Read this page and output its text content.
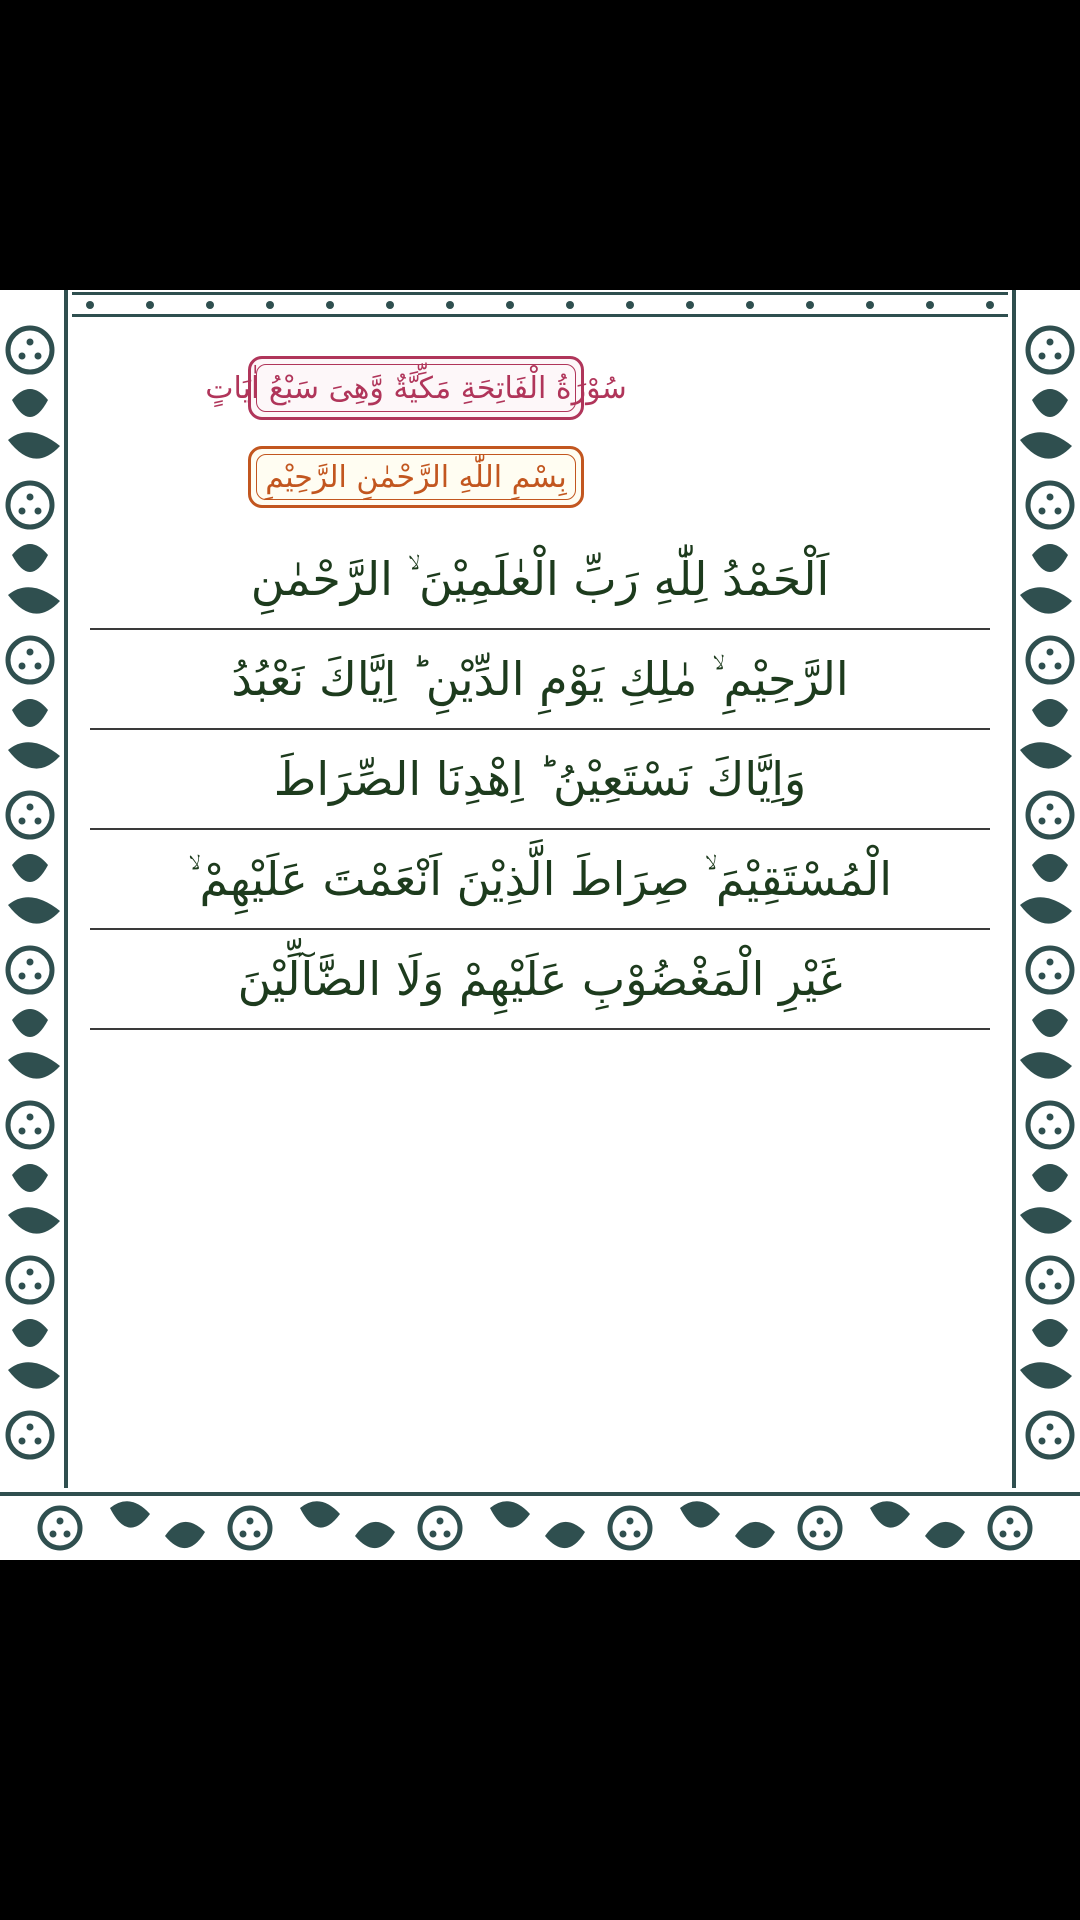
سُوْرَةُ الْفَاتِحَةِ مَكِّيَّةٌ وَّهِىَ سَبْعُ اٰيَاتٍ
بِسْمِ اللّٰهِ الرَّحْمٰنِ الرَّحِيْمِ
اَلْحَمْدُ لِلّٰهِ رَبِّ الْعٰلَمِيْنَ ۙ الرَّحْمٰنِ
الرَّحِيْمِ ۙ مٰلِكِ يَوْمِ الدِّيْنِ ؕ اِيَّاكَ نَعْبُدُ
وَاِيَّاكَ نَسْتَعِيْنُ ؕ اِهْدِنَا الصِّرَاطَ
الْمُسْتَقِيْمَ ۙ صِرَاطَ الَّذِيْنَ اَنْعَمْتَ عَلَيْهِمْ ۙ
غَيْرِ الْمَغْضُوْبِ عَلَيْهِمْ وَلَا الضَّآلِّيْنَ
